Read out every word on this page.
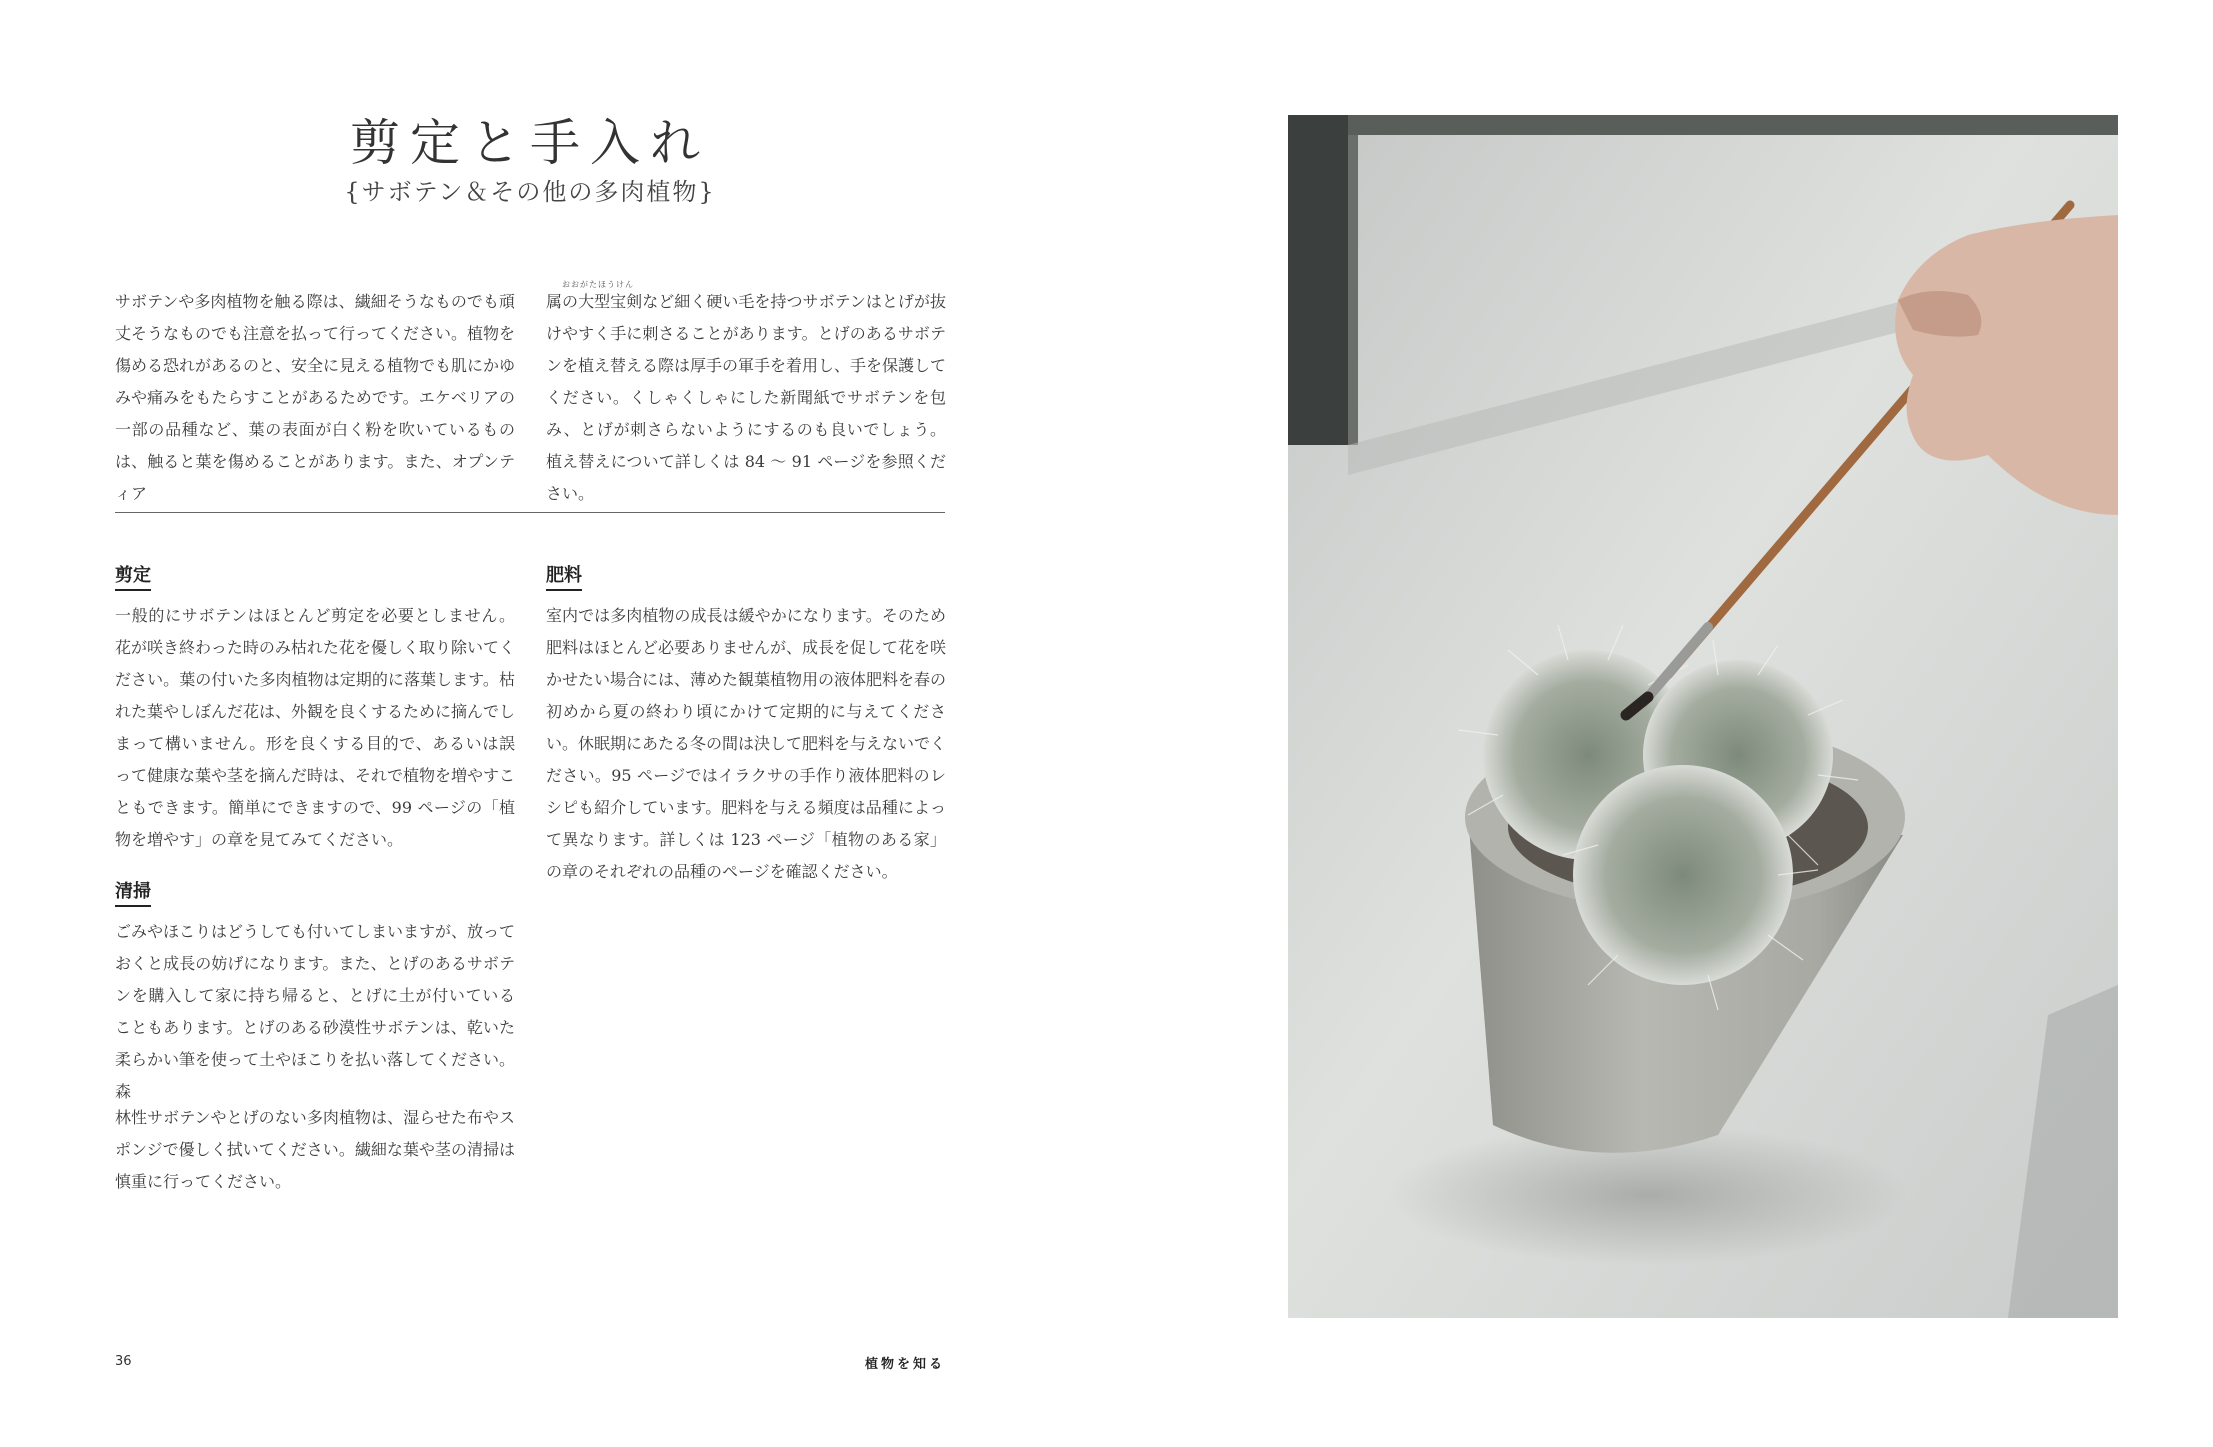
剪定と手入れ
{サボテン＆その他の多肉植物}
おおがたほうけん
サボテンや多肉植物を触る際は、繊細そうなものでも頑丈そうなものでも注意を払って行ってください。植物を傷める恐れがあるのと、安全に見える植物でも肌にかゆみや痛みをもたらすことがあるためです。エケベリアの一部の品種など、葉の表面が白く粉を吹いているものは、触ると葉を傷めることがあります。また、オプンティア
属の大型宝剣など細く硬い毛を持つサボテンはとげが抜けやすく手に刺さることがあります。とげのあるサボテンを植え替える際は厚手の軍手を着用し、手を保護してください。くしゃくしゃにした新聞紙でサボテンを包み、とげが刺さらないようにするのも良いでしょう。植え替えについて詳しくは 84 〜 91 ページを参照ください。
剪定
一般的にサボテンはほとんど剪定を必要としません。花が咲き終わった時のみ枯れた花を優しく取り除いてください。葉の付いた多肉植物は定期的に落葉します。枯れた葉やしぼんだ花は、外観を良くするために摘んでしまって構いません。形を良くする目的で、あるいは誤って健康な葉や茎を摘んだ時は、それで植物を増やすこともできます。簡単にできますので、99 ページの「植物を増やす」の章を見てみてください。
清掃
ごみやほこりはどうしても付いてしまいますが、放っておくと成長の妨げになります。また、とげのあるサボテンを購入して家に持ち帰ると、とげに土が付いていることもあります。とげのある砂漠性サボテンは、乾いた柔らかい筆を使って土やほこりを払い落してください。森
林性サボテンやとげのない多肉植物は、湿らせた布やスポンジで優しく拭いてください。繊細な葉や茎の清掃は慎重に行ってください。
肥料
室内では多肉植物の成長は緩やかになります。そのため肥料はほとんど必要ありませんが、成長を促して花を咲かせたい場合には、薄めた観葉植物用の液体肥料を春の初めから夏の終わり頃にかけて定期的に与えてください。休眠期にあたる冬の間は決して肥料を与えないでください。95 ページではイラクサの手作り液体肥料のレシピも紹介しています。肥料を与える頻度は品種によって異なります。詳しくは 123 ページ「植物のある家」の章のそれぞれの品種のページを確認ください。
36	植物を知る
